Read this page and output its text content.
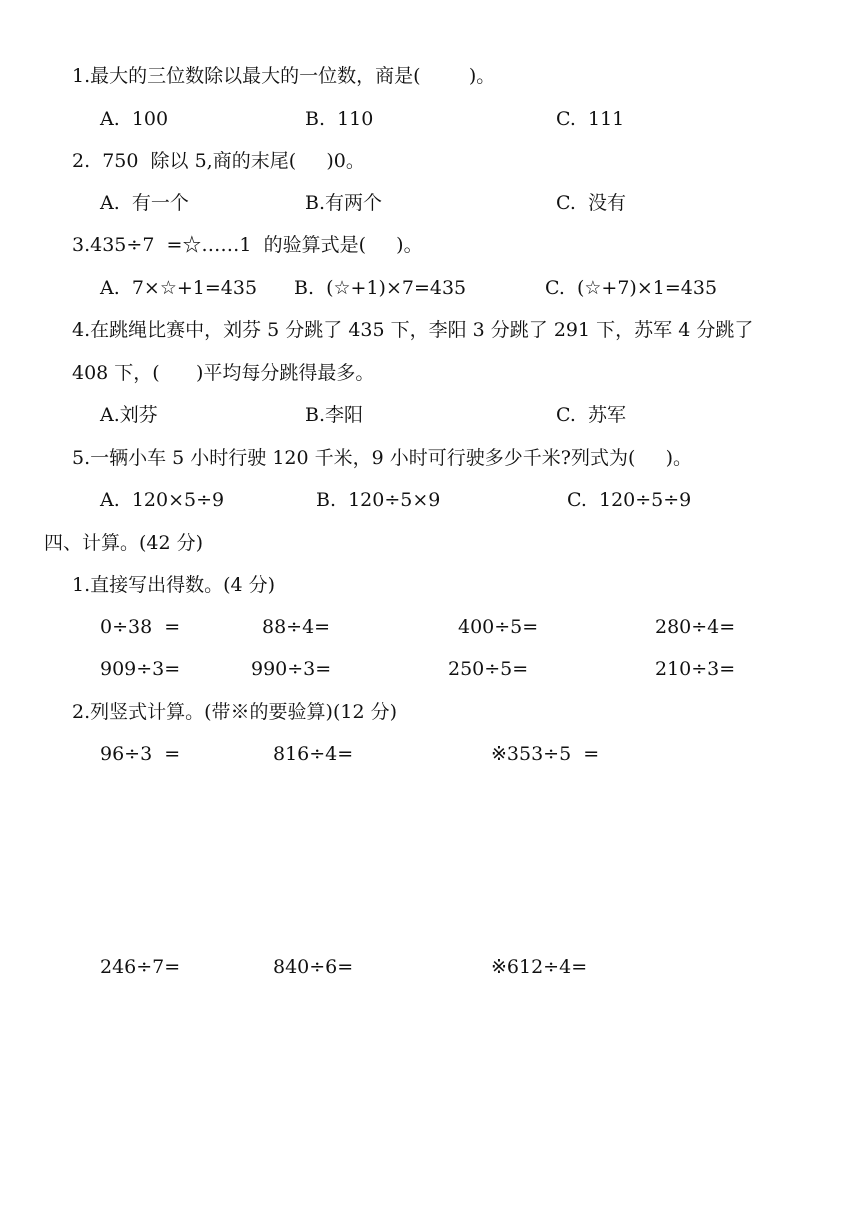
1.最大的三位数除以最大的一位数，商是(        )。
A.  100	B.  110	C.  111
2.  750  除以 5,商的末尾(     )0。
A.  有一个	B.有两个	C.  没有
3.435÷7  =☆……1  的验算式是(     )。
A.  7×☆+1=435 B.  (☆+1)×7=435	C.  (☆+7)×1=435
4.在跳绳比赛中，刘芬 5 分跳了 435 下，李阳 3 分跳了 291 下，苏军 4 分跳了
408 下，(      )平均每分跳得最多。
A.刘芬	B.李阳	C.  苏军
5.一辆小车 5 小时行驶 120 千米，9 小时可行驶多少千米?列式为(     )。
A.  120×5÷9	B.  120÷5×9	C.  120÷5÷9
四、计算。(42 分)
1.直接写出得数。(4 分)
0÷38  =	88÷4=	400÷5=	280÷4=
909÷3=	990÷3=	250÷5=	210÷3=
2.列竖式计算。(带※的要验算)(12 分)
96÷3  =	816÷4=	※353÷5  =
246÷7=	840÷6=	※612÷4=
